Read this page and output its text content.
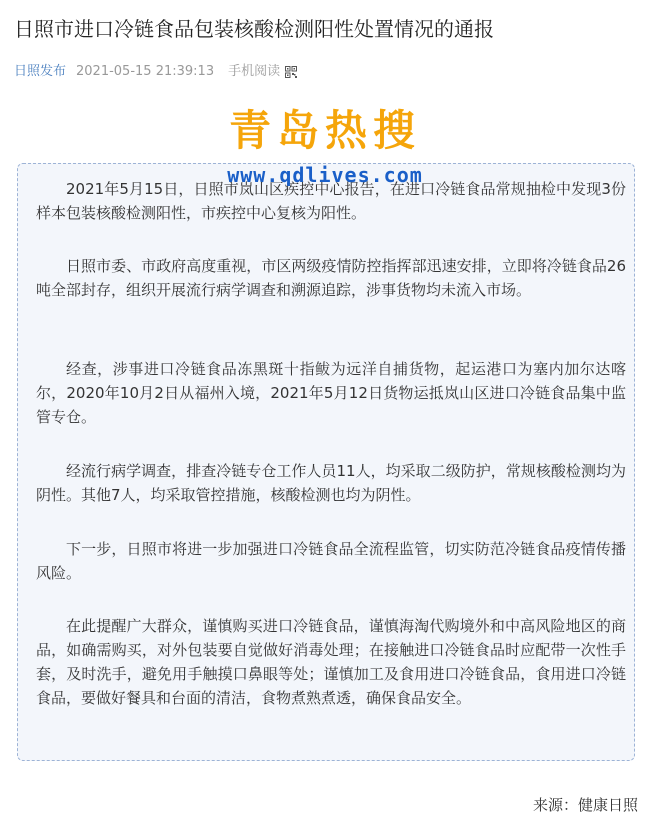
日照市进口冷链食品包装核酸检测阳性处置情况的通报
日照发布 2021-05-15 21:39:13 手机阅读
青岛热搜
www.qdlives.com

2021年5月15日，日照市岚山区疾控中心报告，在进口冷链食品常规抽检中发现3份样本包装核酸检测阳性，市疾控中心复核为阳性。

日照市委、市政府高度重视，市区两级疫情防控指挥部迅速安排，立即将冷链食品26吨全部封存，组织开展流行病学调查和溯源追踪，涉事货物均未流入市场。

经查，涉事进口冷链食品冻黑斑十指鲅为远洋自捕货物，起运港口为塞内加尔达喀尔，2020年10月2日从福州入境，2021年5月12日货物运抵岚山区进口冷链食品集中监管专仓。

经流行病学调查，排查冷链专仓工作人员11人，均采取二级防护，常规核酸检测均为阴性。其他7人，均采取管控措施，核酸检测也均为阴性。

下一步，日照市将进一步加强进口冷链食品全流程监管，切实防范冷链食品疫情传播风险。

在此提醒广大群众，谨慎购买进口冷链食品，谨慎海淘代购境外和中高风险地区的商品，如确需购买，对外包装要自觉做好消毒处理；在接触进口冷链食品时应配带一次性手套，及时洗手，避免用手触摸口鼻眼等处；谨慎加工及食用进口冷链食品，食用进口冷链食品，要做好餐具和台面的清洁，食物煮熟煮透，确保食品安全。

来源：健康日照
